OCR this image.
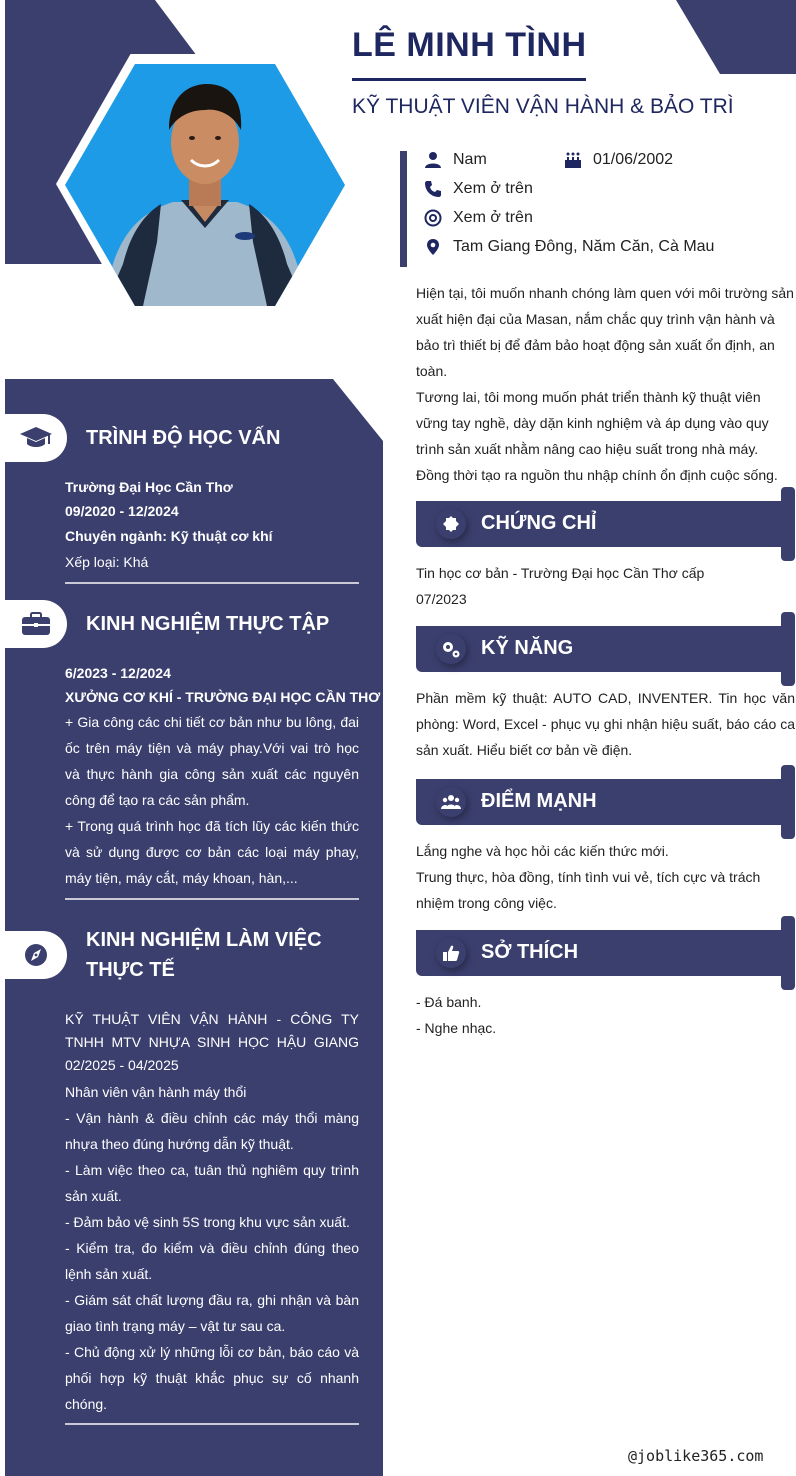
LÊ MINH TÌNH
KỸ THUẬT VIÊN VẬN HÀNH & BẢO TRÌ
Nam	01/06/2002
Xem ở trên
Xem ở trên
Tam Giang Đông, Năm Căn, Cà Mau

Hiện tại, tôi muốn nhanh chóng làm quen với môi trường sản xuất hiện đại của Masan, nắm chắc quy trình vận hành và bảo trì thiết bị để đảm bảo hoạt động sản xuất ổn định, an toàn.

Tương lai, tôi mong muốn phát triển thành kỹ thuật viên vững tay nghề, dày dặn kinh nghiệm và áp dụng vào quy trình sản xuất nhằm nâng cao hiệu suất trong nhà máy. Đồng thời tạo ra nguồn thu nhập chính ổn định cuộc sống.

CHỨNG CHỈ

Tin học cơ bản - Trường Đại học Cần Thơ cấp

07/2023

KỸ NĂNG
Phần mềm kỹ thuật: AUTO CAD, INVENTER. Tin học văn phòng: Word, Excel - phục vụ ghi nhận hiệu suất, báo cáo ca sản xuất. Hiểu biết cơ bản về điện.
ĐIỂM MẠNH

Lắng nghe và học hỏi các kiến thức mới.

Trung thực, hòa đồng, tính tình vui vẻ, tích cực và trách nhiệm trong công việc.

SỞ THÍCH

- Đá banh.

- Nghe nhạc.

TRÌNH ĐỘ HỌC VẤN

Trường Đại Học Cần Thơ

09/2020 - 12/2024

Chuyên ngành: Kỹ thuật cơ khí

Xếp loại: Khá

KINH NGHIỆM THỰC TẬP

6/2023 - 12/2024

XƯỞNG CƠ KHÍ - TRƯỜNG ĐẠI HỌC CẦN THƠ

+ Gia công các chi tiết cơ bản như bu lông, đai ốc trên máy tiện và máy phay.Với vai trò học và thực hành gia công sản xuất các nguyên công để tạo ra các sản phẩm.

+ Trong quá trình học đã tích lũy các kiến thức và sử dụng được cơ bản các loại máy phay, máy tiện, máy cắt, máy khoan, hàn,...

KINH NGHIỆM LÀM VIỆC
THỰC TẾ

KỸ THUẬT VIÊN VẬN HÀNH - CÔNG TY TNHH MTV NHỰA SINH HỌC HẬU GIANG 02/2025 - 04/2025

Nhân viên vận hành máy thổi

- Vận hành & điều chỉnh các máy thổi màng nhựa theo đúng hướng dẫn kỹ thuật.

- Làm việc theo ca, tuân thủ nghiêm quy trình sản xuất.

- Đảm bảo vệ sinh 5S trong khu vực sản xuất.

- Kiểm tra, đo kiểm và điều chỉnh đúng theo lệnh sản xuất.

- Giám sát chất lượng đầu ra, ghi nhận và bàn giao tình trạng máy – vật tư sau ca.

- Chủ động xử lý những lỗi cơ bản, báo cáo và phối hợp kỹ thuật khắc phục sự cố nhanh chóng.

@joblike365.com
